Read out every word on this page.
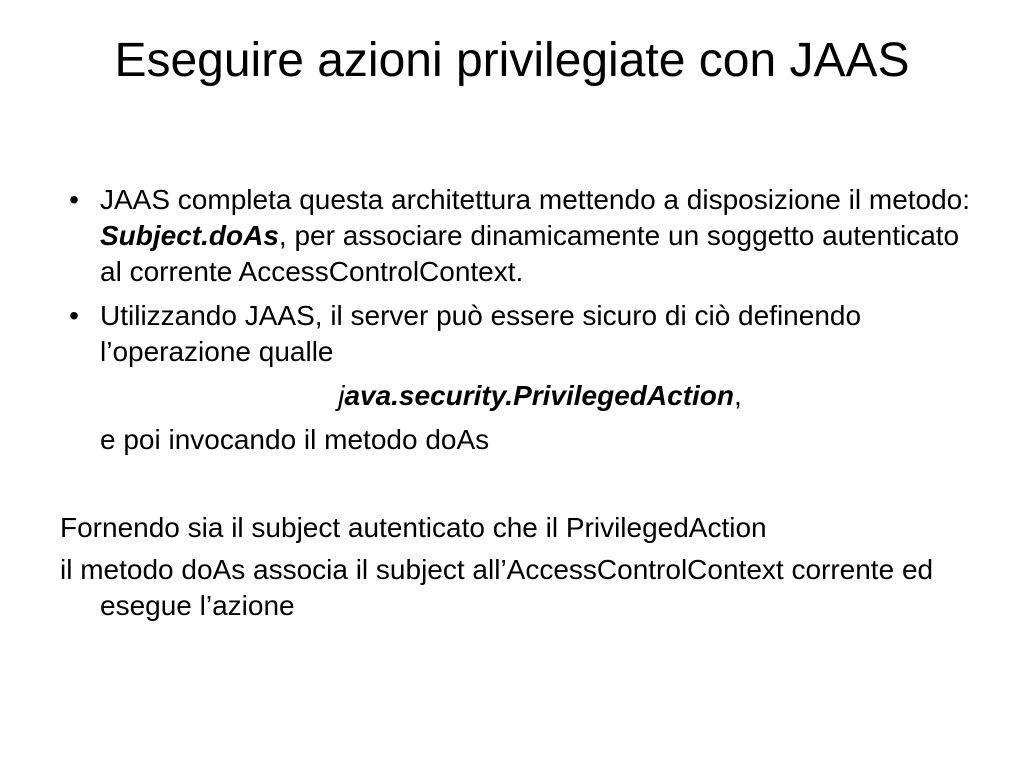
Eseguire azioni privilegiate con JAAS
• JAAS completa questa architettura mettendo a disposizione il metodo: Subject.doAs, per associare dinamicamente un soggetto autenticato al corrente AccessControlContext.
• Utilizzando JAAS, il server può essere sicuro di ciò definendo l’operazione qualle
java.security.PrivilegedAction,
e poi invocando il metodo doAs
Fornendo sia il subject autenticato che il PrivilegedAction
il metodo doAs associa il subject all’AccessControlContext corrente ed esegue l’azione
